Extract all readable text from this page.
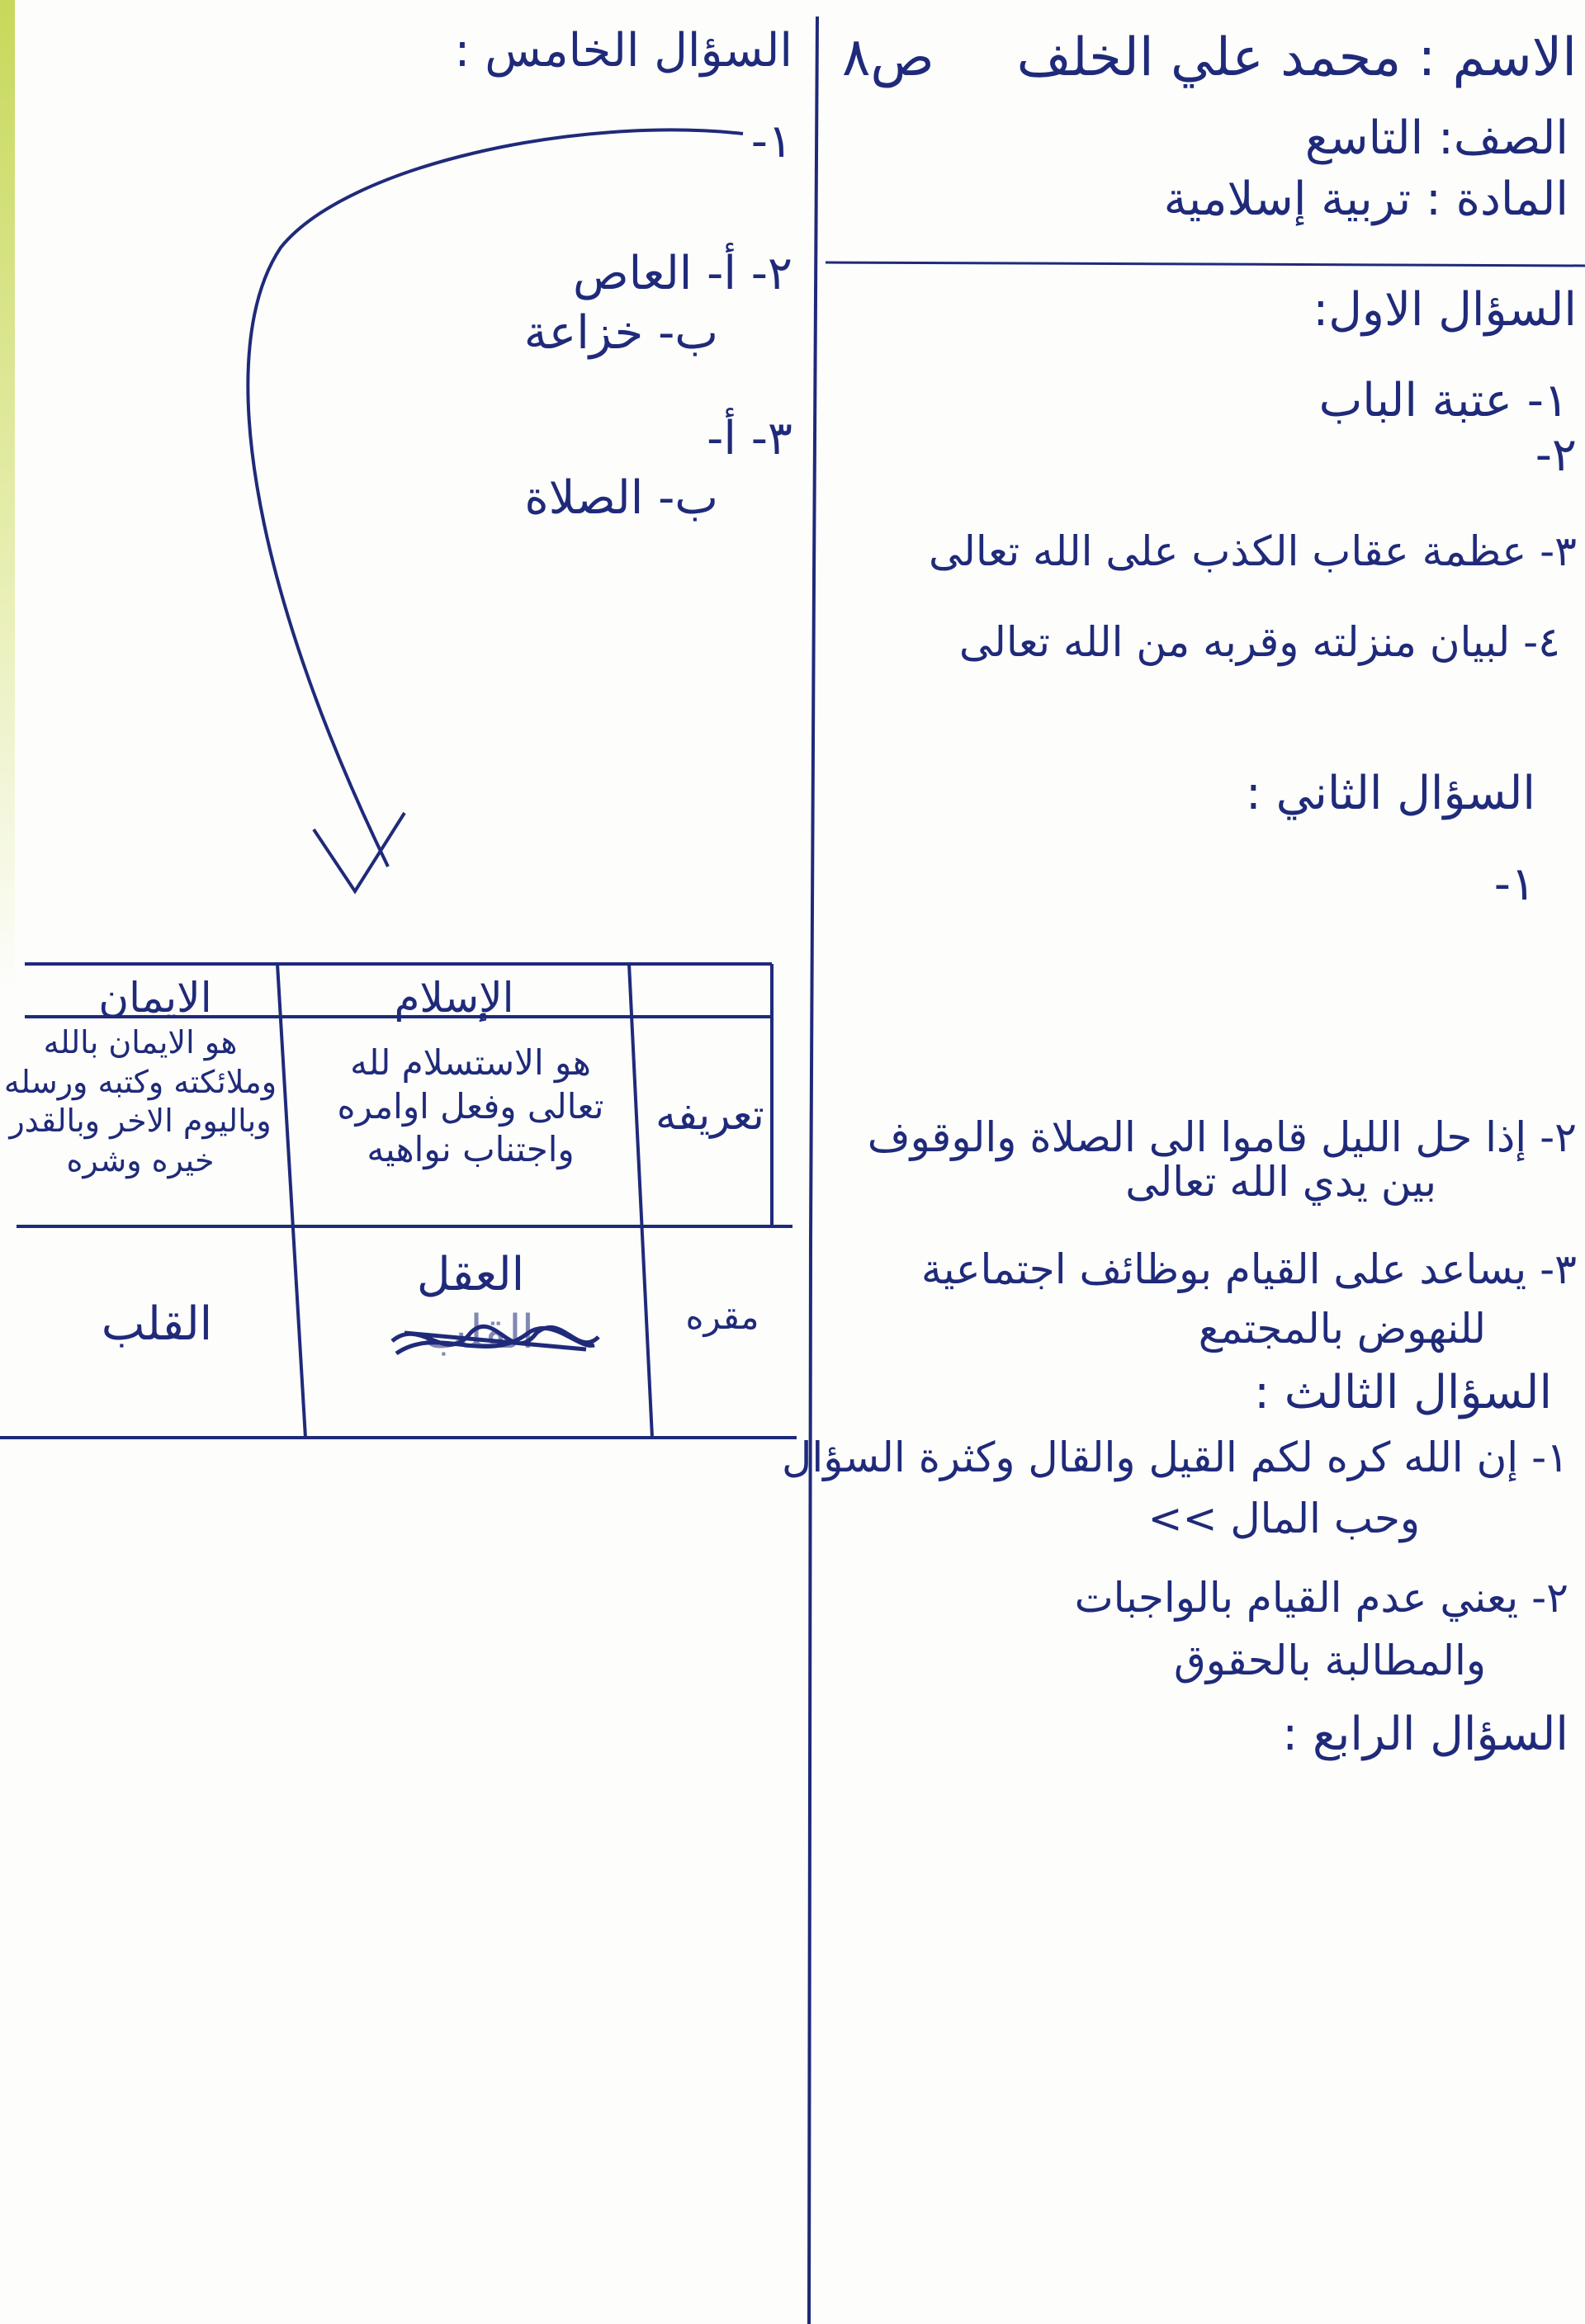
الاسم : محمد علي الخلف
الصف: التاسع
المادة : تربية إسلامية
ص٨
السؤال الاول:
١- عتبة الباب
٢-
٣- عظمة عقاب الكذب على الله تعالى
٤- لبيان منزلته وقربه من الله تعالى
السؤال الثاني :
١-
٢- إذا حل الليل قاموا الى الصلاة والوقوف
بين يدي الله تعالى
٣- يساعد على القيام بوظائف اجتماعية
للنهوض بالمجتمع
السؤال الثالث :
١- إن الله كره لكم القيل والقال وكثرة السؤال
وحب المال >>
٢- يعني عدم القيام بالواجبات
والمطالبة بالحقوق
السؤال الرابع :
السؤال الخامس :
١-
٢- أ- العاص
ب- خزاعة
٣- أ-
ب- الصلاة
الايمان	الإسلام
تعريفه
هو الاستسلام لله تعالى وفعل اوامره واجتناب نواهيه
هو الايمان بالله وملائكته وكتبه ورسله وباليوم الاخر وبالقدر خيره وشره
مقره
العقل
القلب
القلب
